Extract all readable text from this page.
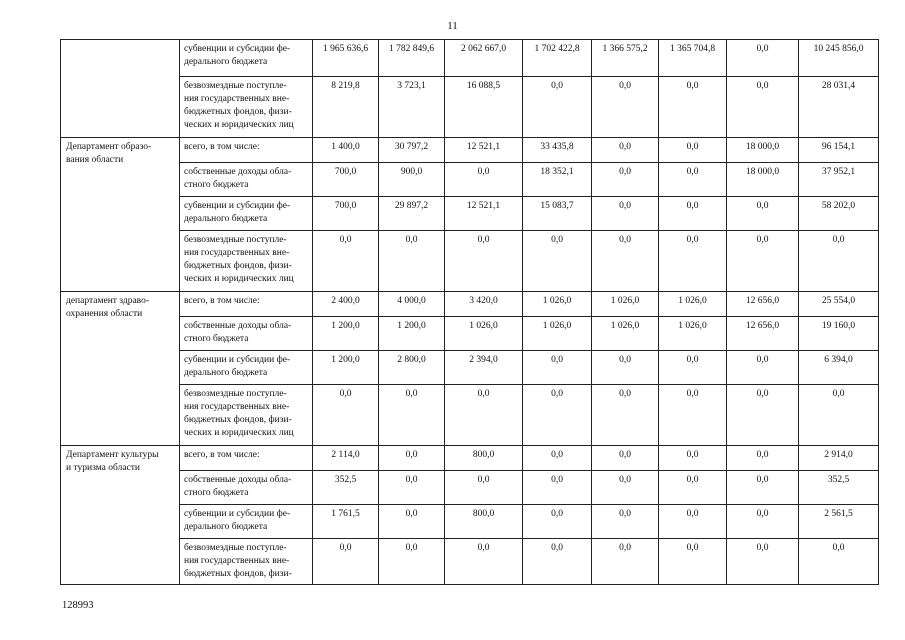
11
	субвенции и субсидии фе-
дерального бюджета	1 965 636,6	1 782 849,6	2 062 667,0	1 702 422,8	1 366 575,2	1 365 704,8	0,0	10 245 856,0
	безвозмездные поступле-
ния государственных вне-
бюджетных фондов, физи-
ческих и юридических лиц	8 219,8	3 723,1	16 088,5	0,0	0,0	0,0	0,0	28 031,4
Департамент образо-
вания области	всего, в том числе:	1 400,0	30 797,2	12 521,1	33 435,8	0,0	0,0	18 000,0	96 154,1
	собственные доходы обла-
стного бюджета	700,0	900,0	0,0	18 352,1	0,0	0,0	18 000,0	37 952,1
	субвенции и субсидии фе-
дерального бюджета	700,0	29 897,2	12 521,1	15 083,7	0,0	0,0	0,0	58 202,0
	безвозмездные поступле-
ния государственных вне-
бюджетных фондов, физи-
ческих и юридических лиц	0,0	0,0	0,0	0,0	0,0	0,0	0,0	0,0
департамент здраво-
охранения области	всего, в том числе:	2 400,0	4 000,0	3 420,0	1 026,0	1 026,0	1 026,0	12 656,0	25 554,0
	собственные доходы обла-
стного бюджета	1 200,0	1 200,0	1 026,0	1 026,0	1 026,0	1 026,0	12 656,0	19 160,0
	субвенции и субсидии фе-
дерального бюджета	1 200,0	2 800,0	2 394,0	0,0	0,0	0,0	0,0	6 394,0
	безвозмездные поступле-
ния государственных вне-
бюджетных фондов, физи-
ческих и юридических лиц	0,0	0,0	0,0	0,0	0,0	0,0	0,0	0,0
Департамент культуры
и туризма области	всего, в том числе:	2 114,0	0,0	800,0	0,0	0,0	0,0	0,0	2 914,0
	собственные доходы обла-
стного бюджета	352,5	0,0	0,0	0,0	0,0	0,0	0,0	352,5
	субвенции и субсидии фе-
дерального бюджета	1 761,5	0,0	800,0	0,0	0,0	0,0	0,0	2 561,5
	безвозмездные поступле-
ния государственных вне-
бюджетных фондов, физи-	0,0	0,0	0,0	0,0	0,0	0,0	0,0	0,0
128993
